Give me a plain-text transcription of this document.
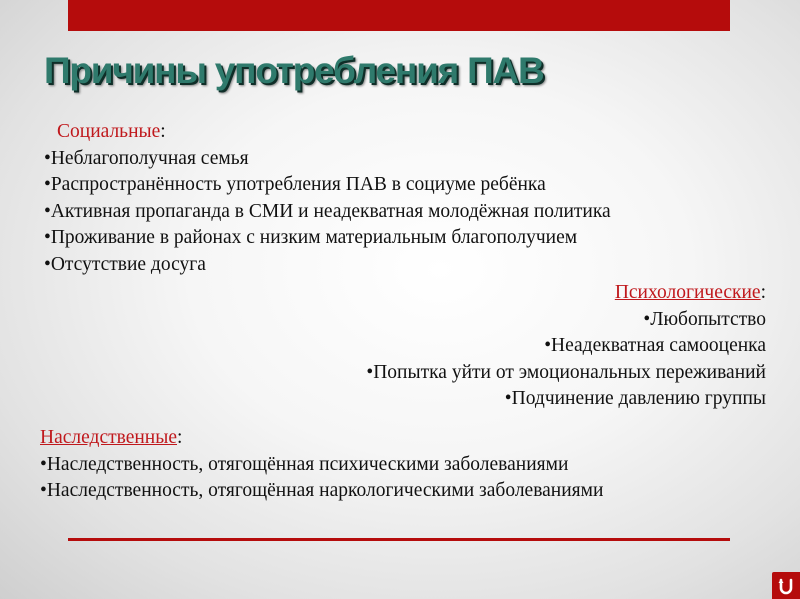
Причины употребления ПАВ
Социальные:
•Неблагополучная семья
•Распространённость употребления ПАВ в социуме ребёнка
•Активная пропаганда в СМИ и неадекватная молодёжная политика
•Проживание в районах с низким материальным благополучием
•Отсутствие досуга
Психологические:
•Любопытство
•Неадекватная самооценка
•Попытка уйти от эмоциональных переживаний
•Подчинение давлению группы
Наследственные:
•Наследственность, отягощённая психическими заболеваниями
•Наследственность, отягощённая наркологическими заболеваниями
